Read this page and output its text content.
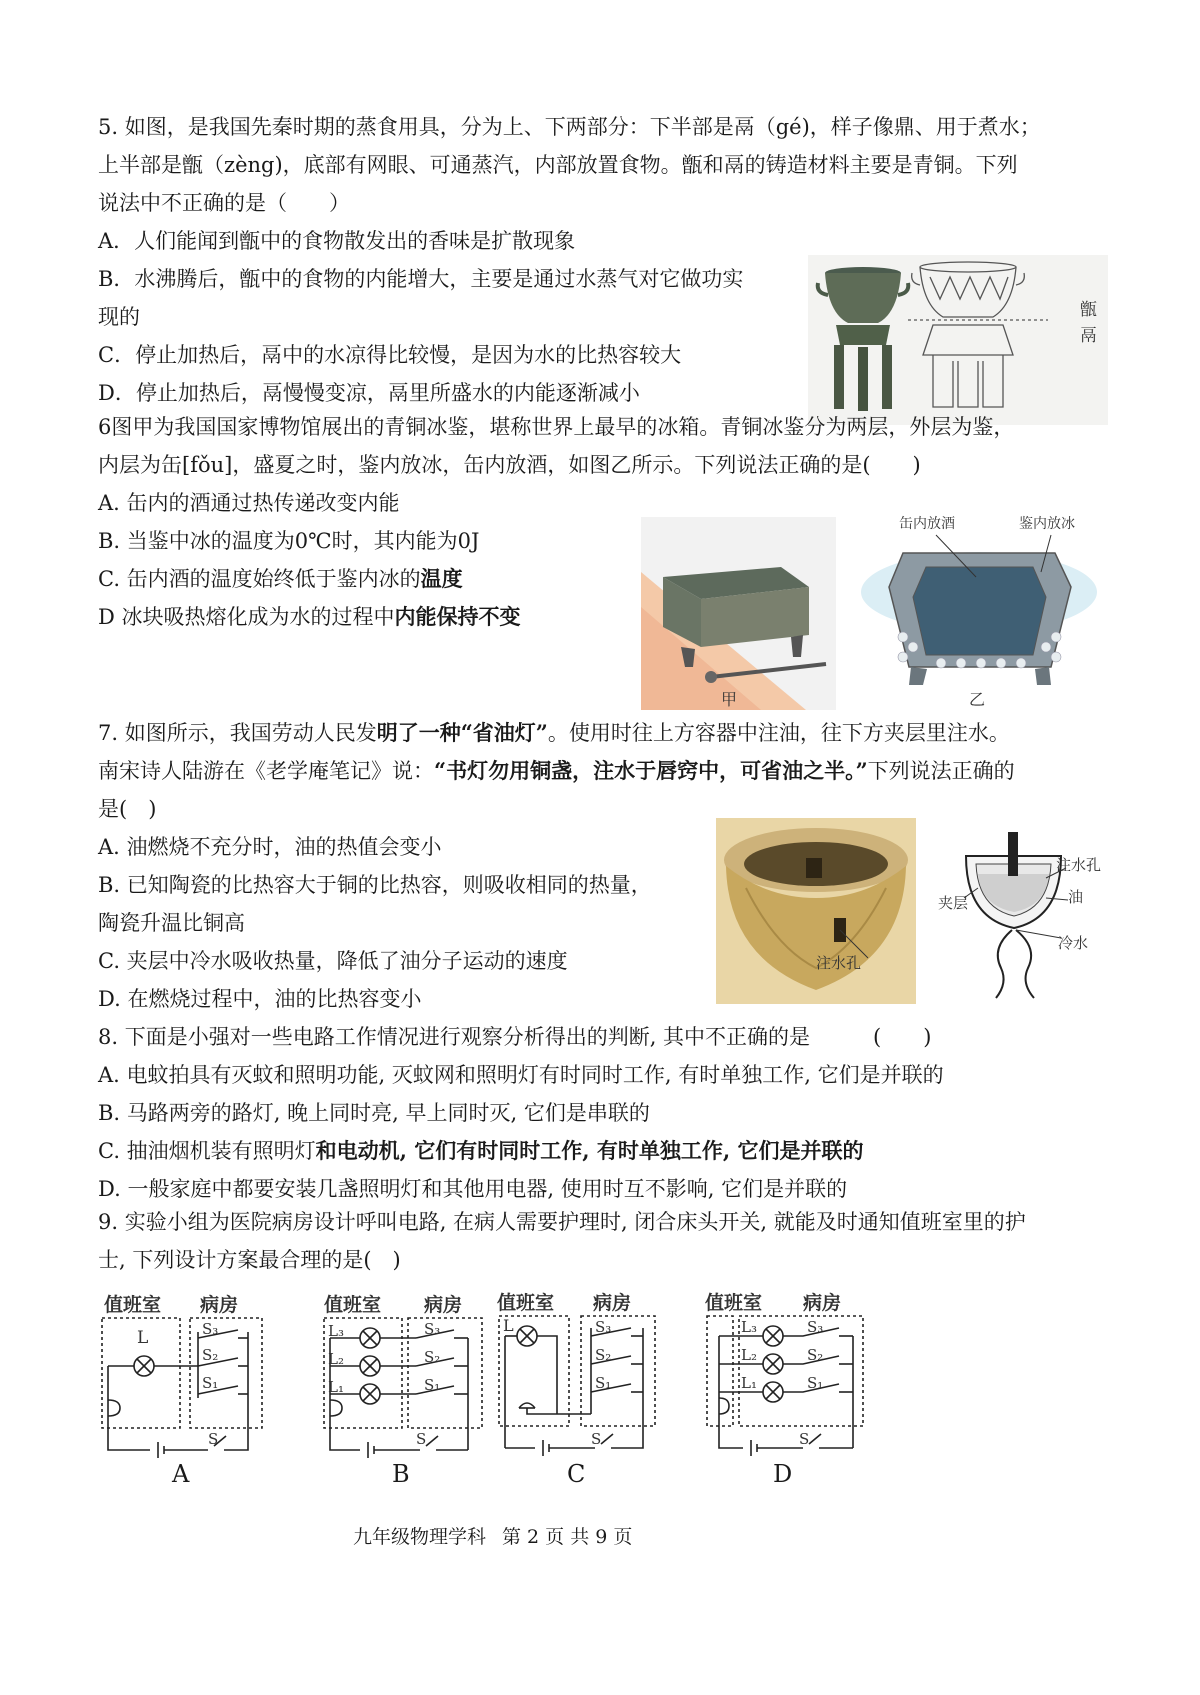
5. 如图，是我国先秦时期的蒸食用具，分为上、下两部分：下半部是鬲（gé)，样子像鼎、用于煮水；
上半部是甑（zèng)，底部有网眼、可通蒸汽，内部放置食物。甑和鬲的铸造材料主要是青铜。下列
说法中不正确的是（　　）
A．人们能闻到甑中的食物散发出的香味是扩散现象
B．水沸腾后，甑中的食物的内能增大，主要是通过水蒸气对它做功实
现的
C．停止加热后，鬲中的水凉得比较慢，是因为水的比热容较大
D．停止加热后，鬲慢慢变凉，鬲里所盛水的内能逐渐减小
甑
鬲
6图甲为我国国家博物馆展出的青铜冰鉴，堪称世界上最早的冰箱。青铜冰鉴分为两层，外层为鉴，
内层为缶[fǒu]，盛夏之时，鉴内放冰，缶内放酒，如图乙所示。下列说法正确的是(　　)
A. 缶内的酒通过热传递改变内能
B. 当鉴中冰的温度为0℃时，其内能为0J
C. 缶内酒的温度始终低于鉴内冰的温度
D 冰块吸热熔化成为水的过程中内能保持不变
甲	乙
缶内放酒	鉴内放冰
7. 如图所示，我国劳动人民发明了一种“省油灯”。使用时往上方容器中注油，往下方夹层里注水。
南宋诗人陆游在《老学庵笔记》说：“书灯勿用铜盏，注水于唇窍中，可省油之半。”下列说法正确的
是(　)
A. 油燃烧不充分时，油的热值会变小
B. 已知陶瓷的比热容大于铜的比热容，则吸收相同的热量，
陶瓷升温比铜高
C. 夹层中冷水吸收热量，降低了油分子运动的速度
D. 在燃烧过程中，油的比热容变小
注水孔
注水孔
夹层	油
冷水
8. 下面是小强对一些电路工作情况进行观察分析得出的判断, 其中不正确的是　　　(　　)
A. 电蚊拍具有灭蚊和照明功能, 灭蚊网和照明灯有时同时工作, 有时单独工作, 它们是并联的
B. 马路两旁的路灯, 晚上同时亮, 早上同时灭, 它们是串联的
C. 抽油烟机装有照明灯和电动机, 它们有时同时工作, 有时单独工作, 它们是并联的
D. 一般家庭中都要安装几盏照明灯和其他用电器, 使用时互不影响, 它们是并联的
9. 实验小组为医院病房设计呼叫电路, 在病人需要护理时, 闭合床头开关, 就能及时通知值班室里的护
士, 下列设计方案最合理的是(　)
值班室 病房
L	S₃
S₂
S₁
S
A
值班室 病房
L₃
L₂
L₁
S₃
S₂
S₁
S
B
值班室 病房
L	S₃
S₂
S₁
S
C
值班室 病房
L₃
L₂
L₁
S₃
S₂
S₁
S
D
九年级物理学科 第 2 页 共 9 页
